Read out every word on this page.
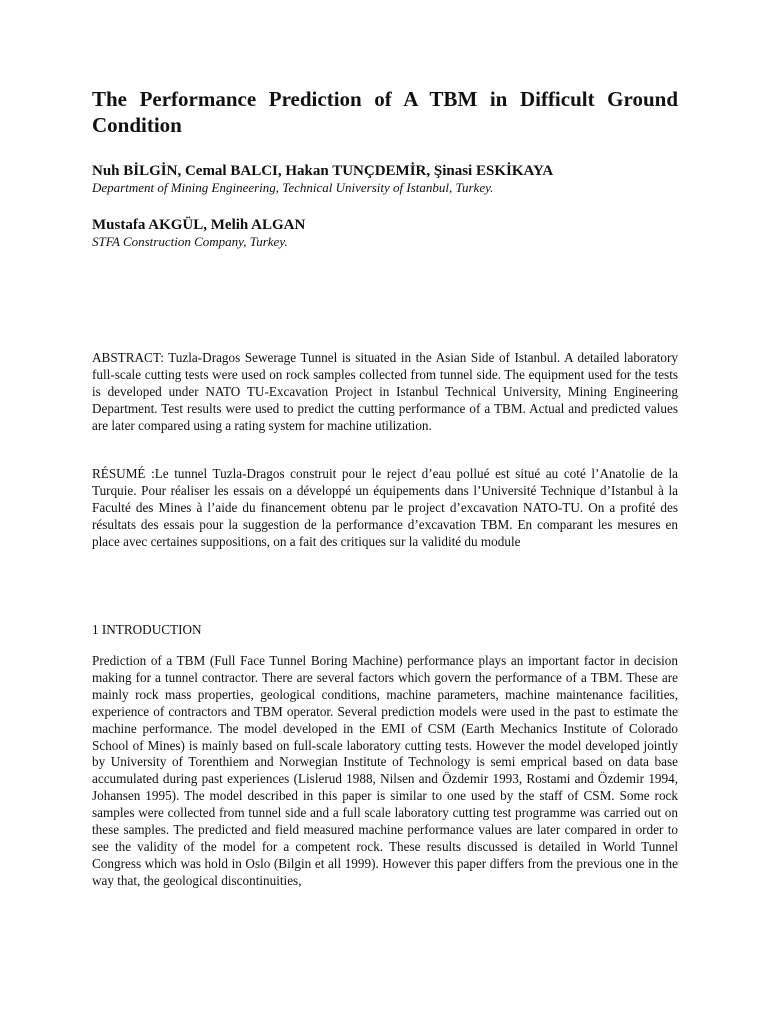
The Performance Prediction of A TBM in Difficult Ground Condition

Nuh BİLGİN, Cemal BALCI, Hakan TUNÇDEMİR, Şinasi ESKİKAYA

Department of Mining Engineering, Technical University of Istanbul, Turkey.

Mustafa AKGÜL, Melih ALGAN

STFA Construction Company, Turkey.

ABSTRACT: Tuzla-Dragos Sewerage Tunnel is situated in the Asian Side of Istanbul. A detailed laboratory full-scale cutting tests were used on rock samples collected from tunnel side. The equipment used for the tests is developed under NATO TU-Excavation Project in Istanbul Technical University, Mining Engineering Department. Test results were used to predict the cutting performance of a TBM. Actual and predicted values are later compared using a rating system for machine utilization.

RÉSUMÉ :Le tunnel Tuzla-Dragos construit pour le reject d’eau pollué est situé au coté l’Anatolie de la Turquie. Pour réaliser les essais on a développé un équipements dans l’Université Technique d’Istanbul à la Faculté des Mines à l’aide du financement obtenu par le project d’excavation NATO-TU. On a profité des résultats des essais pour la suggestion de la performance d’excavation TBM. En comparant les mesures en place avec certaines suppositions, on a fait des critiques sur la validité du module

1 INTRODUCTION

Prediction of a TBM (Full Face Tunnel Boring Machine) performance plays an important factor in decision making for a tunnel contractor. There are several factors which govern the performance of a TBM. These are mainly rock mass properties, geological conditions, machine parameters, machine maintenance facilities, experience of contractors and TBM operator. Several prediction models were used in the past to estimate the machine performance. The model developed in the EMI of CSM (Earth Mechanics Institute of Colorado School of Mines) is mainly based on full-scale laboratory cutting tests. However the model developed jointly by University of Torenthiem and Norwegian Institute of Technology is semi emprical based on data base accumulated during past experiences (Lislerud 1988, Nilsen and Özdemir 1993, Rostami and Özdemir 1994, Johansen 1995). The model described in this paper is similar to one used by the staff of CSM. Some rock samples were collected from tunnel side and a full scale laboratory cutting test programme was carried out on these samples. The predicted and field measured machine performance values are later compared in order to see the validity of the model for a competent rock. These results discussed is detailed in World Tunnel Congress which was hold in Oslo (Bilgin et all 1999). However this paper differs from the previous one in the way that, the geological discontinuities,
